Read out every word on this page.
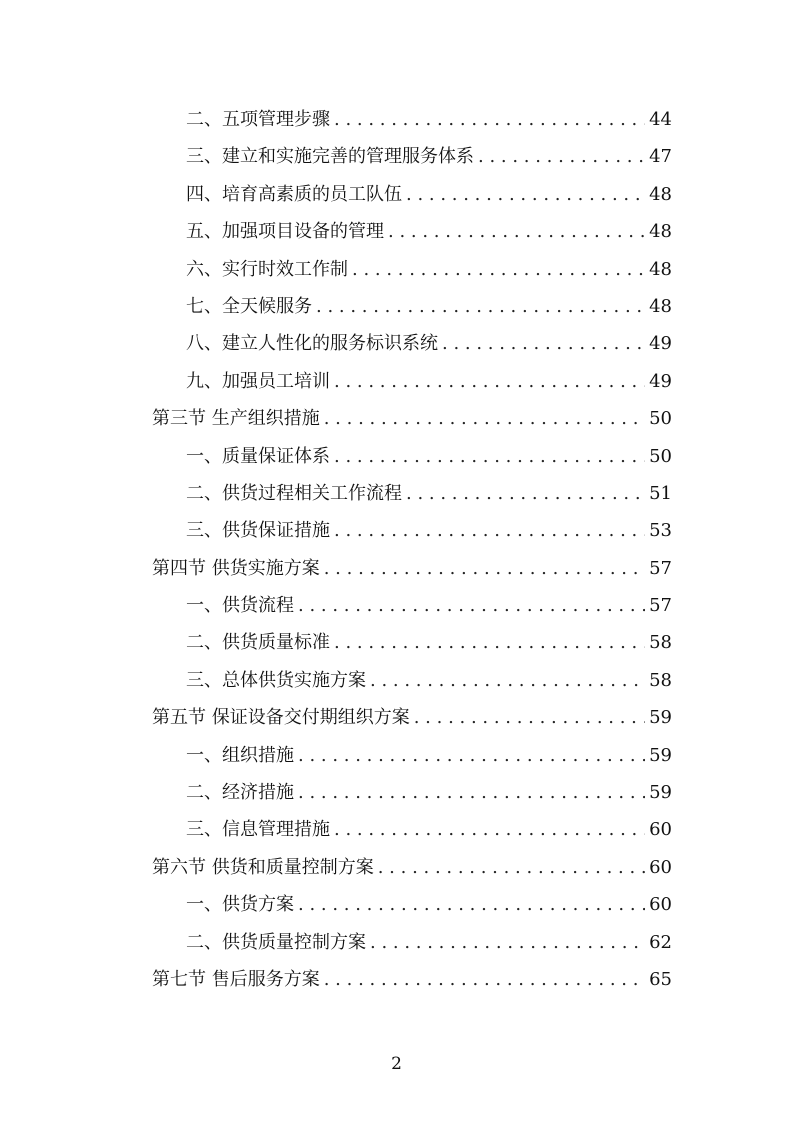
二、五项管理步骤 . . .	44
三、建立和实施完善的管理服务体系 . . .	47
四、培育高素质的员工队伍 . . .	48
五、加强项目设备的管理 . . .	48
六、实行时效工作制 . . .	48
七、全天候服务 . . .	48
八、建立人性化的服务标识系统 . . .	49
九、加强员工培训 . . .	49
第三节 生产组织措施 . . .	50
一、质量保证体系 . . .	50
二、供货过程相关工作流程 . . .	51
三、供货保证措施 . . .	53
第四节 供货实施方案 . . .	57
一、供货流程 . . .	57
二、供货质量标准 . . .	58
三、总体供货实施方案 . . .	58
第五节 保证设备交付期组织方案 . . .	59
一、组织措施 . . .	59
二、经济措施 . . .	59
三、信息管理措施 . . .	60
第六节 供货和质量控制方案 . . .	60
一、供货方案 . . .	60
二、供货质量控制方案 . . .	62
第七节 售后服务方案 . . .	65
2
